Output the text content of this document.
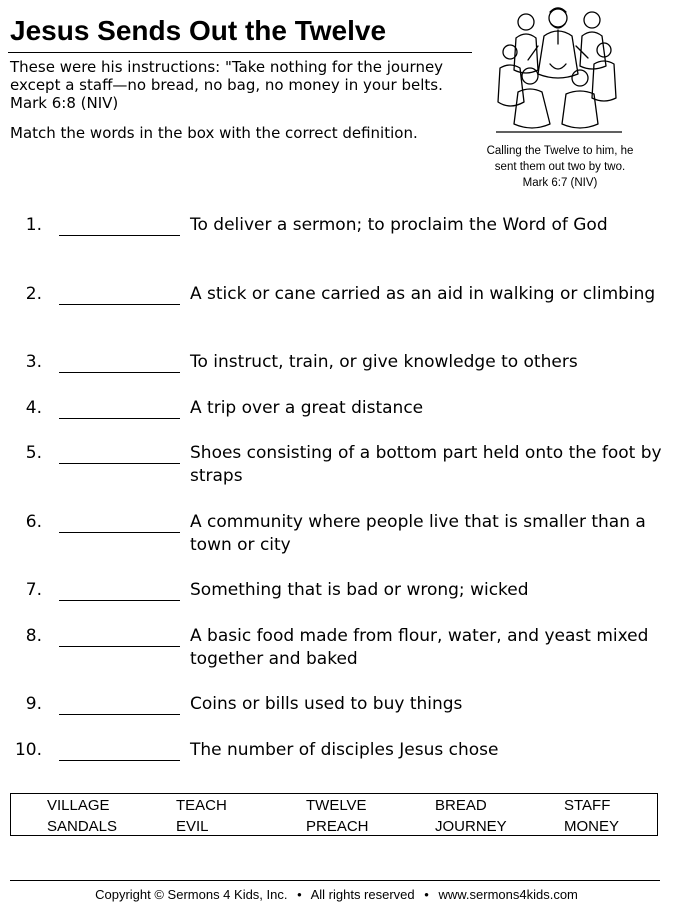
Jesus Sends Out the Twelve
These were his instructions: "Take nothing for the journey except a staff—no bread, no bag, no money in your belts. Mark 6:8 (NIV)
Match the words in the box with the correct definition.
Calling the Twelve to him, he
sent them out two by two.
Mark 6:7 (NIV)
1.	To deliver a sermon; to proclaim the Word of God
2.	A stick or cane carried as an aid in walking or climbing
3.	To instruct, train, or give knowledge to others
4.	A trip over a great distance
5.	Shoes consisting of a bottom part held onto the foot by straps
6.	A community where people live that is smaller than a town or city
7.	Something that is bad or wrong; wicked
8.	A basic food made from flour, water, and yeast mixed together and baked
9.	Coins or bills used to buy things
10.	The number of disciples Jesus chose
VILLAGE	TEACH	TWELVE	BREAD	STAFF
SANDALS	EVIL	PREACH	JOURNEY	MONEY
Copyright © Sermons 4 Kids, Inc. • All rights reserved • www.sermons4kids.com
